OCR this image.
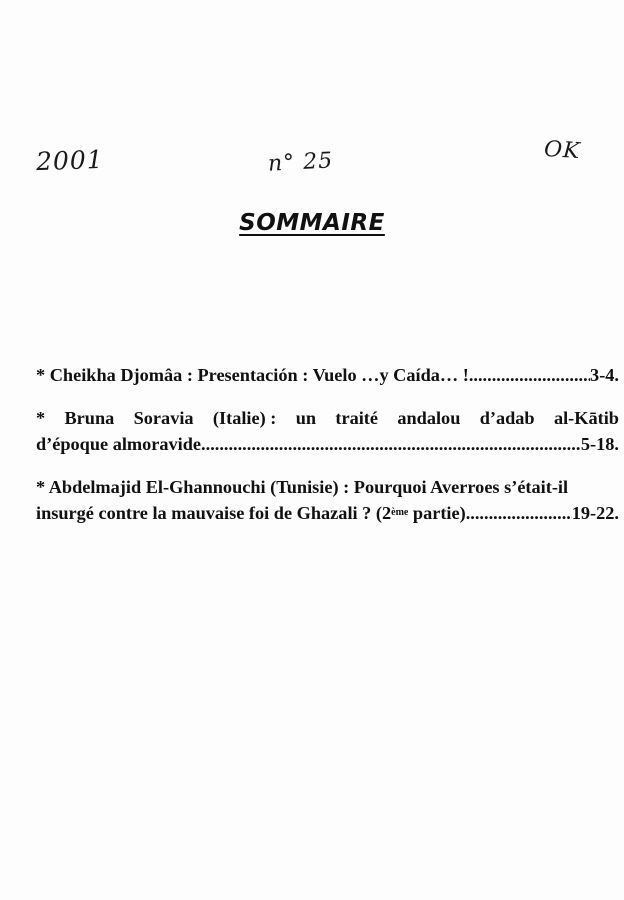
2001	n° 25	OK
SOMMAIRE
* Cheikha Djomâa : Presentación : Vuelo …y Caída… ! .....	3-4.
* Bruna Soravia (Italie) : un traité andalou d’adab al-Kātib
d’époque almoravide .....	5-18.
* Abdelmajid El-Ghannouchi (Tunisie) : Pourquoi Averroes s’était-il
insurgé contre la mauvaise foi de Ghazali ? (2 ème partie) .....	19-22.
